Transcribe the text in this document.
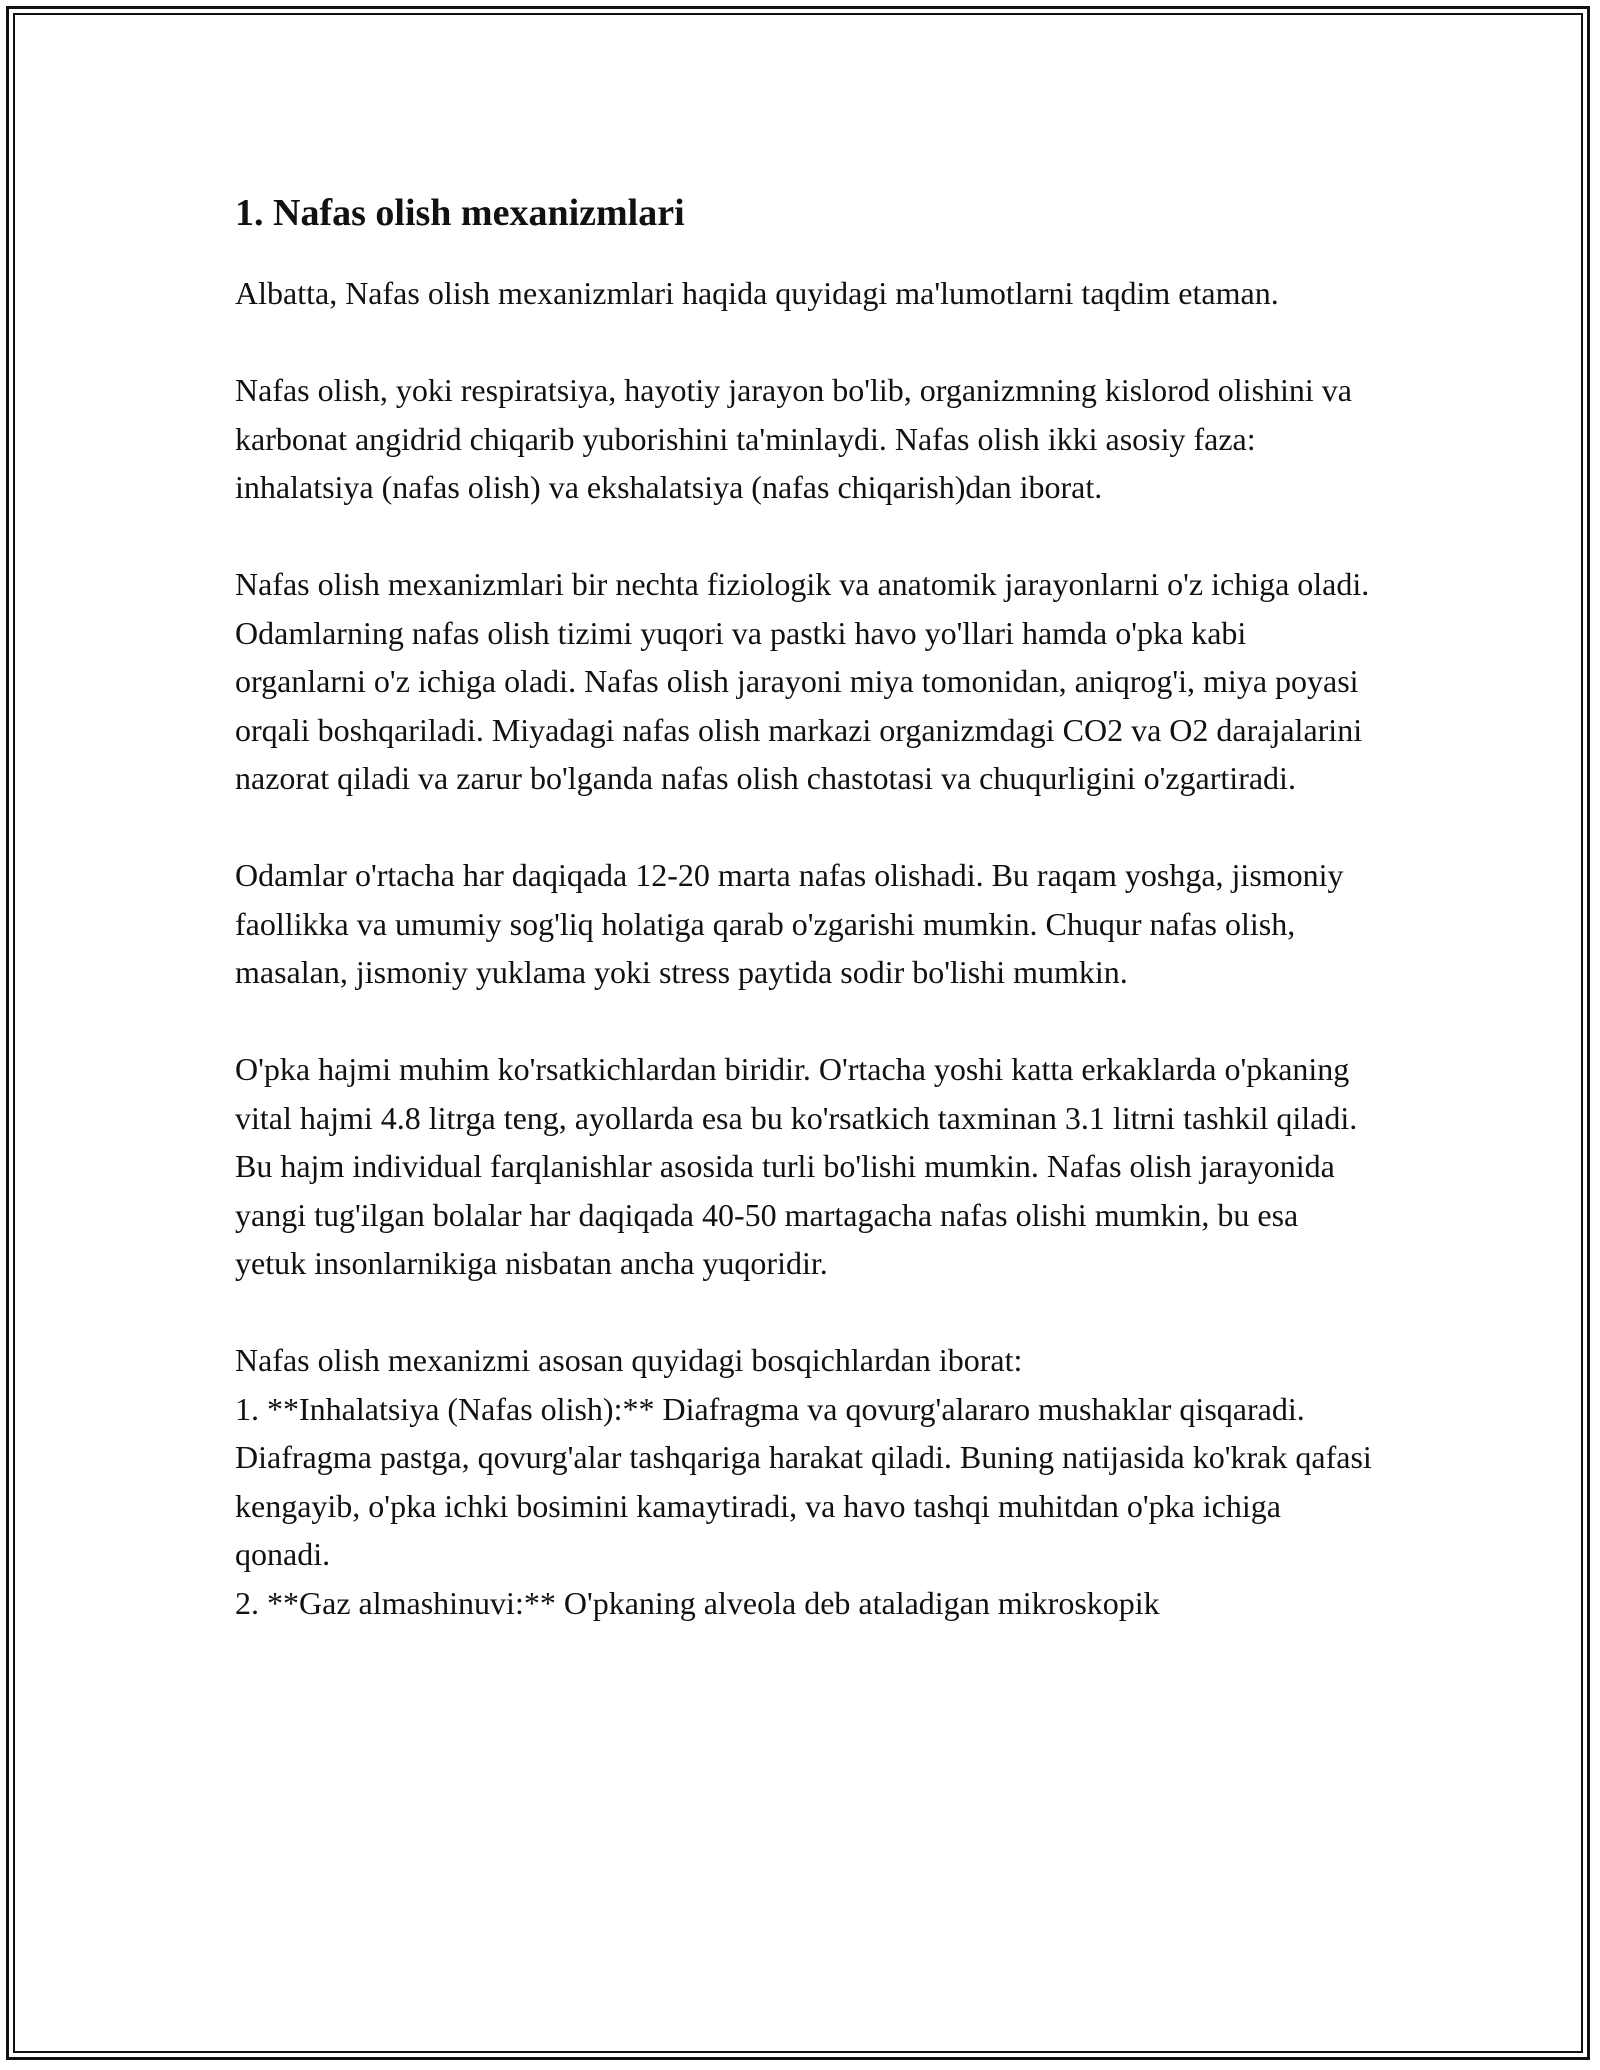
1. Nafas olish mexanizmlari

Albatta, Nafas olish mexanizmlari haqida quyidagi ma'lumotlarni taqdim etaman.

Nafas olish, yoki respiratsiya, hayotiy jarayon bo'lib, organizmning kislorod olishini va karbonat angidrid chiqarib yuborishini ta'minlaydi. Nafas olish ikki asosiy faza: inhalatsiya (nafas olish) va ekshalatsiya (nafas chiqarish)dan iborat.

Nafas olish mexanizmlari bir nechta fiziologik va anatomik jarayonlarni o'z ichiga oladi. Odamlarning nafas olish tizimi yuqori va pastki havo yo'llari hamda o'pka kabi organlarni o'z ichiga oladi. Nafas olish jarayoni miya tomonidan, aniqrog'i, miya poyasi orqali boshqariladi. Miyadagi nafas olish markazi organizmdagi CO2 va O2 darajalarini nazorat qiladi va zarur bo'lganda nafas olish chastotasi va chuqurligini o'zgartiradi.

Odamlar o'rtacha har daqiqada 12-20 marta nafas olishadi. Bu raqam yoshga, jismoniy faollikka va umumiy sog'liq holatiga qarab o'zgarishi mumkin. Chuqur nafas olish, masalan, jismoniy yuklama yoki stress paytida sodir bo'lishi mumkin.

O'pka hajmi muhim ko'rsatkichlardan biridir. O'rtacha yoshi katta erkaklarda o'pkaning vital hajmi 4.8 litrga teng, ayollarda esa bu ko'rsatkich taxminan 3.1 litrni tashkil qiladi. Bu hajm individual farqlanishlar asosida turli bo'lishi mumkin. Nafas olish jarayonida yangi tug'ilgan bolalar har daqiqada 40-50 martagacha nafas olishi mumkin, bu esa yetuk insonlarnikiga nisbatan ancha yuqoridir.

Nafas olish mexanizmi asosan quyidagi bosqichlardan iborat:

1. **Inhalatsiya (Nafas olish):** Diafragma va qovurg'alararo mushaklar qisqaradi. Diafragma pastga, qovurg'alar tashqariga harakat qiladi. Buning natijasida ko'krak qafasi kengayib, o'pka ichki bosimini kamaytiradi, va havo tashqi muhitdan o'pka ichiga qonadi.

2. **Gaz almashinuvi:** O'pkaning alveola deb ataladigan mikroskopik
